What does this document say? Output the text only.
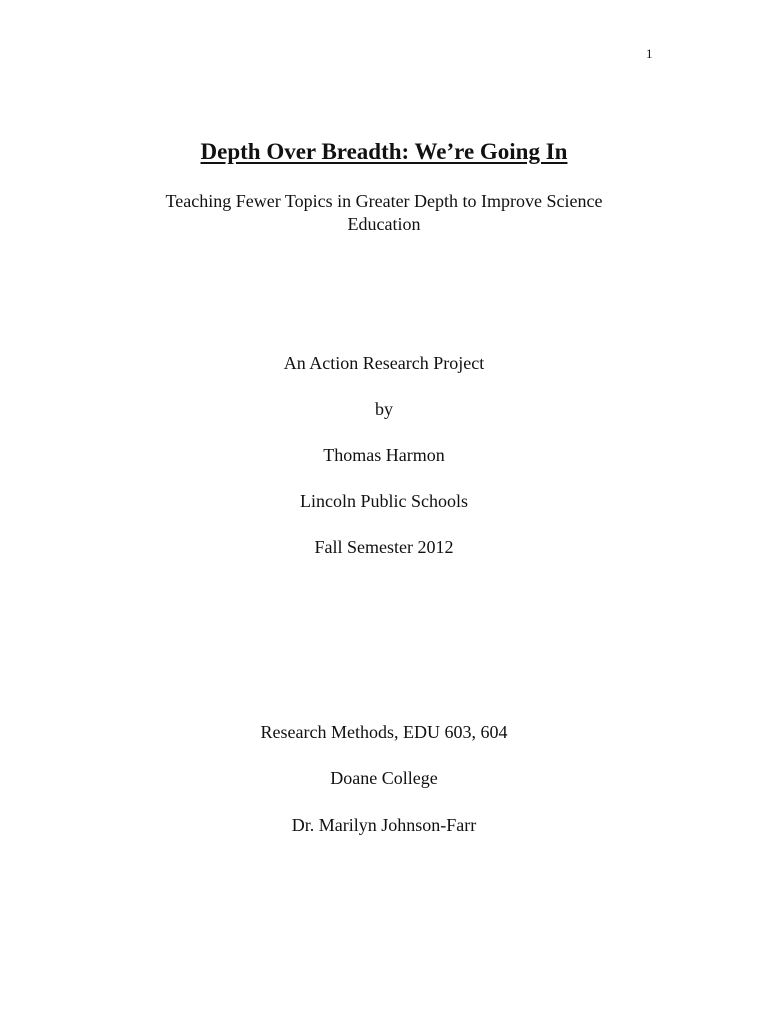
1
Depth Over Breadth: We’re Going In
Teaching Fewer Topics in Greater Depth to Improve Science
Education
An Action Research Project
by
Thomas Harmon
Lincoln Public Schools
Fall Semester 2012
Research Methods, EDU 603, 604
Doane College
Dr. Marilyn Johnson-Farr
